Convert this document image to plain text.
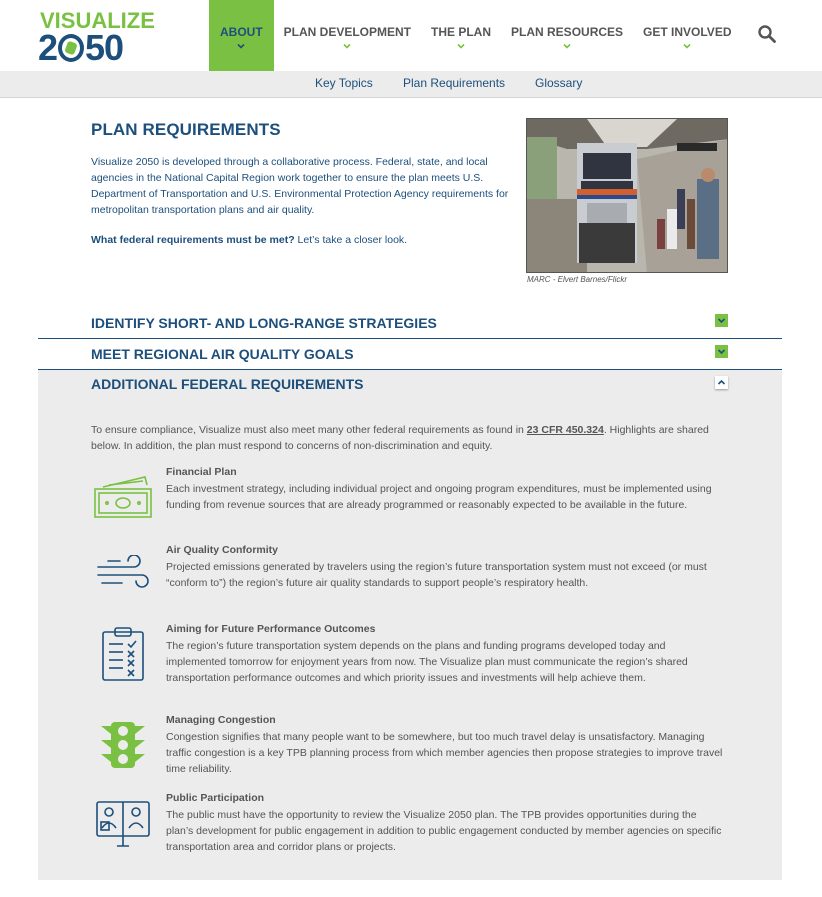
VISUALIZE
2 50	ABOUT PLAN DEVELOPMENT THE PLAN PLAN RESOURCES GET INVOLVED
Key Topics	Plan Requirements Glossary
PLAN REQUIREMENTS
Visualize 2050 is developed through a collaborative process. Federal, state, and local agencies in the National Capital Region work together to ensure the plan meets U.S. Department of Transportation and U.S. Environmental Protection Agency requirements for metropolitan transportation plans and air quality.
What federal requirements must be met? Let’s take a closer look.
MARC - Elvert Barnes/Flickr
IDENTIFY SHORT- AND LONG-RANGE STRATEGIES
MEET REGIONAL AIR QUALITY GOALS
ADDITIONAL FEDERAL REQUIREMENTS
To ensure compliance, Visualize must also meet many other federal requirements as found in 23 CFR 450.324. Highlights are shared below. In addition, the plan must respond to concerns of non-discrimination and equity.
Financial Plan
Each investment strategy, including individual project and ongoing program expenditures, must be implemented using funding from revenue sources that are already programmed or reasonably expected to be available in the future.
Air Quality Conformity
Projected emissions generated by travelers using the region’s future transportation system must not exceed (or must “conform to”) the region’s future air quality standards to support people’s respiratory health.
Aiming for Future Performance Outcomes
The region’s future transportation system depends on the plans and funding programs developed today and implemented tomorrow for enjoyment years from now. The Visualize plan must communicate the region’s shared transportation performance outcomes and which priority issues and investments will help achieve them.
Managing Congestion
Congestion signifies that many people want to be somewhere, but too much travel delay is unsatisfactory. Managing traffic congestion is a key TPB planning process from which member agencies then propose strategies to improve travel time reliability.
Public Participation
The public must have the opportunity to review the Visualize 2050 plan. The TPB provides opportunities during the plan’s development for public engagement in addition to public engagement conducted by member agencies on specific transportation area and corridor plans or projects.
